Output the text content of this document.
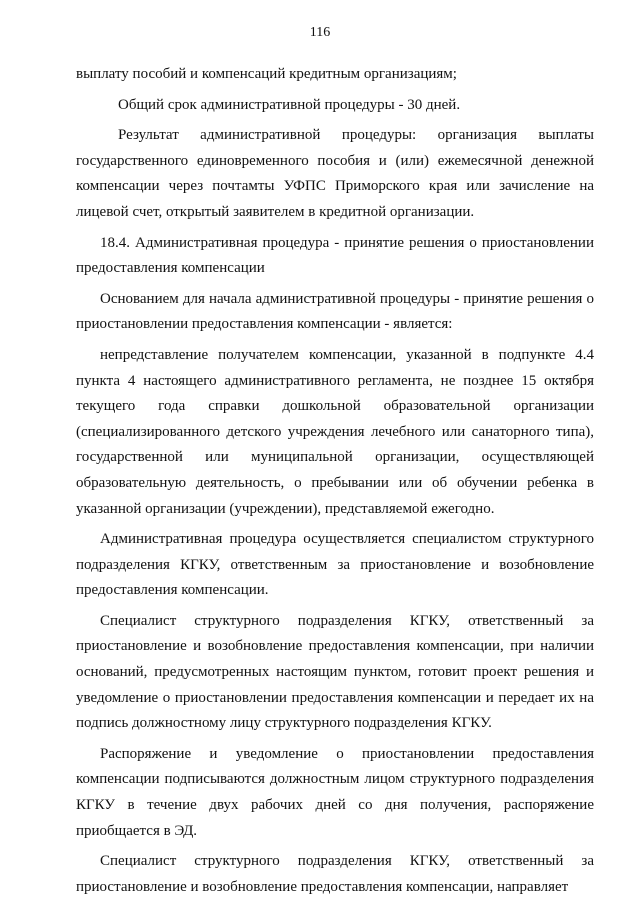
116

выплату пособий и компенсаций кредитным организациям;

Общий срок административной процедуры - 30 дней.

Результат административной процедуры: организация выплаты государственного единовременного пособия и (или) ежемесячной денежной компенсации через почтамты УФПС Приморского края или зачисление на лицевой счет, открытый заявителем в кредитной организации.

18.4. Административная процедура - принятие решения о приостановлении предоставления компенсации

Основанием для начала административной процедуры - принятие решения о приостановлении предоставления компенсации - является:

непредставление получателем компенсации, указанной в подпункте 4.4 пункта 4 настоящего административного регламента, не позднее 15 октября текущего года справки дошкольной образовательной организации (специализированного детского учреждения лечебного или санаторного типа), государственной или муниципальной организации, осуществляющей образовательную деятельность, о пребывании или об обучении ребенка в указанной организации (учреждении), представляемой ежегодно.

Административная процедура осуществляется специалистом структурного подразделения КГКУ, ответственным за приостановление и возобновление предоставления компенсации.

Специалист структурного подразделения КГКУ, ответственный за приостановление и возобновление предоставления компенсации, при наличии оснований, предусмотренных настоящим пунктом, готовит проект решения и уведомление о приостановлении предоставления компенсации и передает их на подпись должностному лицу структурного подразделения КГКУ.

Распоряжение и уведомление о приостановлении предоставления компенсации подписываются должностным лицом структурного подразделения КГКУ в течение двух рабочих дней со дня получения, распоряжение приобщается в ЭД.

Специалист структурного подразделения КГКУ, ответственный за приостановление и возобновление предоставления компенсации, направляет
